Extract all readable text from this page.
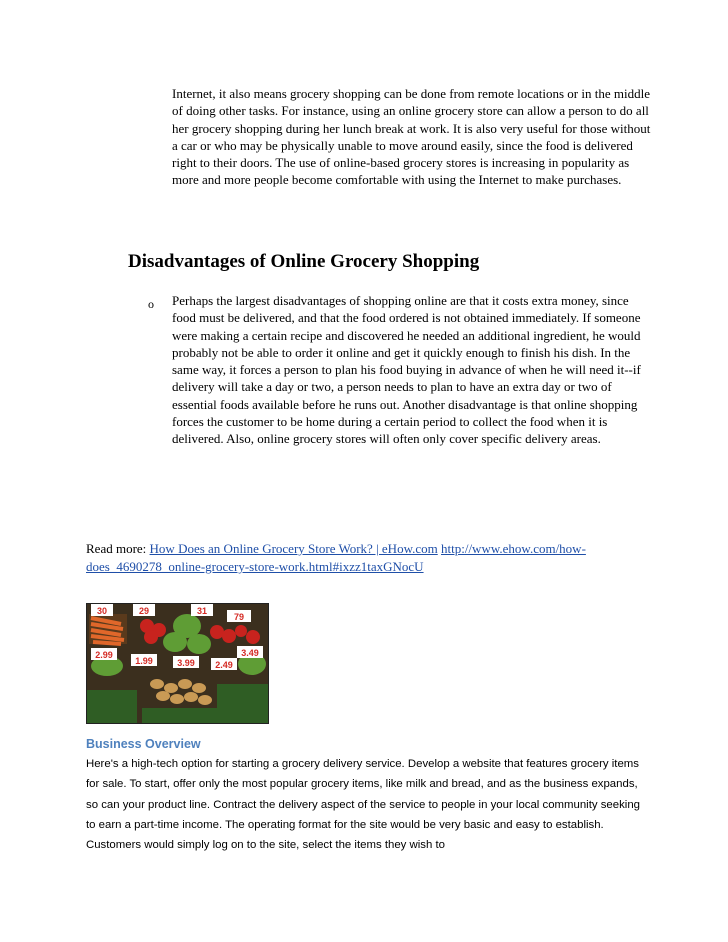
Internet, it also means grocery shopping can be done from remote locations or in the middle of doing other tasks. For instance, using an online grocery store can allow a person to do all her grocery shopping during her lunch break at work. It is also very useful for those without a car or who may be physically unable to move around easily, since the food is delivered right to their doors. The use of online-based grocery stores is increasing in popularity as more and more people become comfortable with using the Internet to make purchases.

Disadvantages of Online Grocery Shopping
o Perhaps the largest disadvantages of shopping online are that it costs extra money, since food must be delivered, and that the food ordered is not obtained immediately. If someone were making a certain recipe and discovered he needed an additional ingredient, he would probably not be able to order it online and get it quickly enough to finish his dish. In the same way, it forces a person to plan his food buying in advance of when he will need it--if delivery will take a day or two, a person needs to plan to have an extra day or two of essential foods available before he runs out. Another disadvantage is that online shopping forces the customer to be home during a certain period to collect the food when it is delivered. Also, online grocery stores will often only cover specific delivery areas.

Read more: How Does an Online Grocery Store Work? | eHow.com http://www.ehow.com/how-does_4690278_online-grocery-store-work.html#ixzz1taxGNocU

30	29	31
79
2.99
1.99	3.99 2.49
3.49

Business Overview

Here's a high-tech option for starting a grocery delivery service. Develop a website that features grocery items for sale. To start, offer only the most popular grocery items, like milk and bread, and as the business expands, so can your product line. Contract the delivery aspect of the service to people in your local community seeking to earn a part-time income. The operating format for the site would be very basic and easy to establish. Customers would simply log on to the site, select the items they wish to
